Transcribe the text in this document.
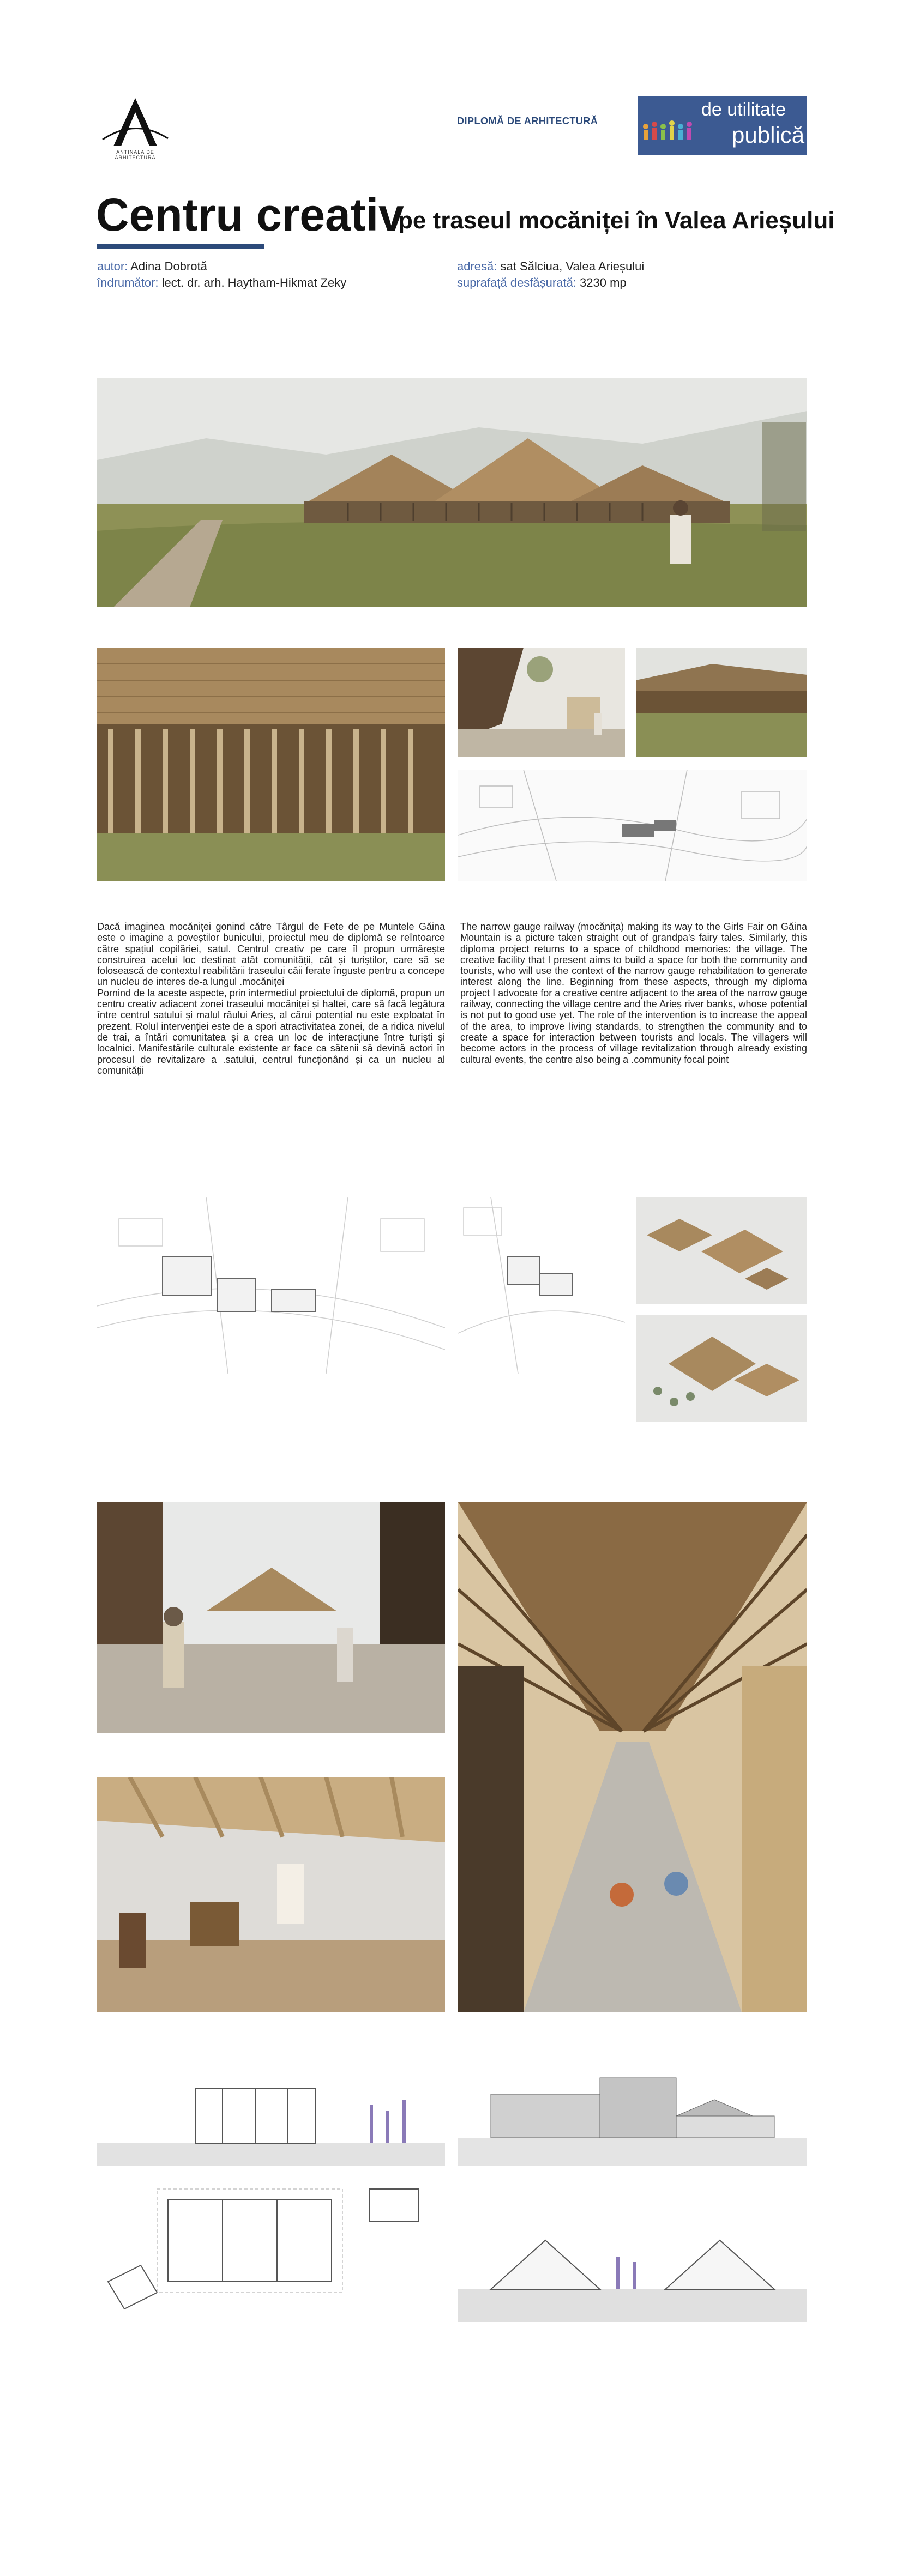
ANTINALA DE ARHITECTURA
DIPLOMĂ DE ARHITECTURĂ
de utilitate
publică
Centru creativ
pe traseul mocăniței în Valea Arieșului
autor: Adina Dobrotă
îndrumător: lect. dr. arh. Haytham-Hikmat Zeky
adresă: sat Sălciua, Valea Arieșului
suprafață desfășurată: 3230 mp

Dacă imaginea mocăniței gonind către Târgul de Fete de pe Muntele Găina este o imagine a poveștilor bunicului, proiectul meu de diplomă se reîntoarce către spațiul copilăriei, satul. Centrul creativ pe care îl propun urmărește construirea acelui loc destinat atât comunității, cât și turiștilor, care să se folosească de contextul reabilitării traseului căii ferate înguste pentru a concepe un nucleu de interes de-a lungul .mocăniței

Pornind de la aceste aspecte, prin intermediul proiectului de diplomă, propun un centru creativ adiacent zonei traseului mocăniței și haltei, care să facă legătura între centrul satului și malul râului Arieș, al cărui potențial nu este exploatat în prezent. Rolul intervenției este de a spori atractivitatea zonei, de a ridica nivelul de trai, a întări comunitatea și a crea un loc de interacțiune între turiști și localnici. Manifestările culturale existente ar face ca sătenii să devină actori în procesul de revitalizare a .satului, centrul funcționând și ca un nucleu al comunității

The narrow gauge railway (mocănița) making its way to the Girls Fair on Găina Mountain is a picture taken straight out of grandpa's fairy tales. Similarly, this diploma project returns to a space of childhood memories: the village. The creative facility that I present aims to build a space for both the community and tourists, who will use the context of the narrow gauge rehabilitation to generate interest along the line. Beginning from these aspects, through my diploma project I advocate for a creative centre adjacent to the area of the narrow gauge railway, connecting the village centre and the Arieș river banks, whose potential is not put to good use yet. The role of the intervention is to increase the appeal of the area, to improve living standards, to strengthen the community and to create a space for interaction between tourists and locals. The villagers will become actors in the process of village revitalization through already existing cultural events, the centre also being a .community focal point
